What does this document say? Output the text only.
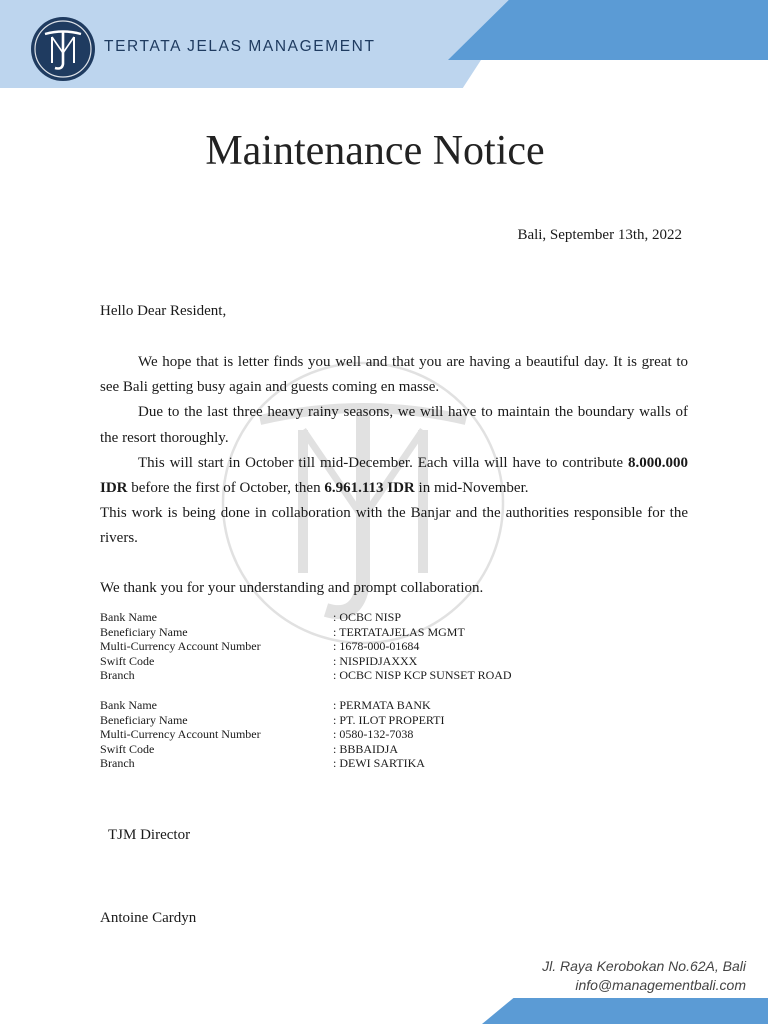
TERTATA JELAS MANAGEMENT
Maintenance Notice
Bali, September 13th, 2022
Hello Dear Resident,

We hope that is letter finds you well and that you are having a beautiful day. It is great to see Bali getting busy again and guests coming en masse.

Due to the last three heavy rainy seasons, we will have to maintain the boundary walls of the resort thoroughly.

This will start in October till mid-December. Each villa will have to contribute 8.000.000 IDR before the first of October, then 6.961.113 IDR in mid-November.

This work is being done in collaboration with the Banjar and the authorities responsible for the rivers.

We thank you for your understanding and prompt collaboration.
Bank Name	: OCBC NISP
Beneficiary Name	: TERTATAJELAS MGMT
Multi-Currency Account Number	: 1678-000-01684
Swift Code	: NISPIDJAXXX
Branch	: OCBC NISP KCP SUNSET ROAD
Bank Name	: PERMATA BANK
Beneficiary Name	: PT. ILOT PROPERTI
Multi-Currency Account Number	: 0580-132-7038
Swift Code	: BBBAIDJA
Branch	: DEWI SARTIKA
TJM Director
Antoine Cardyn
Jl. Raya Kerobokan No.62A, Bali
info@managementbali.com
